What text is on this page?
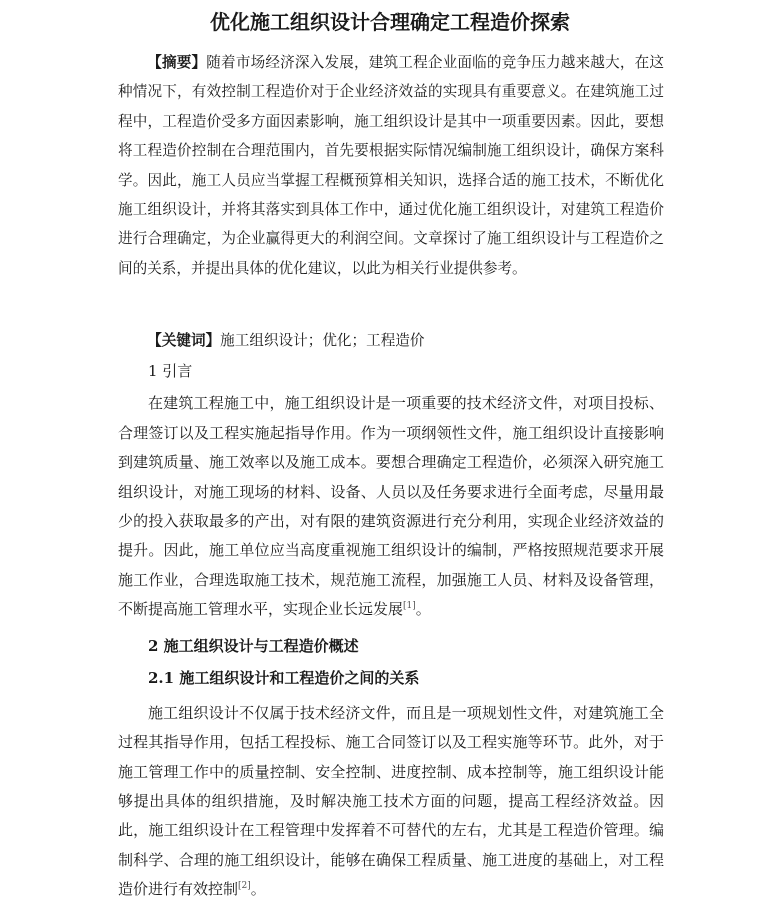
优化施工组织设计合理确定工程造价探索

【摘要】随着市场经济深入发展，建筑工程企业面临的竞争压力越来越大，在这种情况下，有效控制工程造价对于企业经济效益的实现具有重要意义。在建筑施工过程中，工程造价受多方面因素影响，施工组织设计是其中一项重要因素。因此，要想将工程造价控制在合理范围内，首先要根据实际情况编制施工组织设计，确保方案科学。因此，施工人员应当掌握工程概预算相关知识，选择合适的施工技术，不断优化施工组织设计，并将其落实到具体工作中，通过优化施工组织设计，对建筑工程造价进行合理确定，为企业赢得更大的利润空间。文章探讨了施工组织设计与工程造价之间的关系，并提出具体的优化建议，以此为相关行业提供参考。

【关键词】施工组织设计；优化；工程造价

1 引言

在建筑工程施工中，施工组织设计是一项重要的技术经济文件，对项目投标、合理签订以及工程实施起指导作用。作为一项纲领性文件，施工组织设计直接影响到建筑质量、施工效率以及施工成本。要想合理确定工程造价，必须深入研究施工组织设计，对施工现场的材料、设备、人员以及任务要求进行全面考虑，尽量用最少的投入获取最多的产出，对有限的建筑资源进行充分利用，实现企业经济效益的提升。因此，施工单位应当高度重视施工组织设计的编制，严格按照规范要求开展施工作业，合理选取施工技术，规范施工流程，加强施工人员、材料及设备管理，不断提高施工管理水平，实现企业长远发展[1]。

2 施工组织设计与工程造价概述

2.1 施工组织设计和工程造价之间的关系

施工组织设计不仅属于技术经济文件，而且是一项规划性文件，对建筑施工全过程其指导作用，包括工程投标、施工合同签订以及工程实施等环节。此外，对于施工管理工作中的质量控制、安全控制、进度控制、成本控制等，施工组织设计能够提出具体的组织措施，及时解决施工技术方面的问题，提高工程经济效益。因此，施工组织设计在工程管理中发挥着不可替代的左右，尤其是工程造价管理。编制科学、合理的施工组织设计，能够在确保工程质量、施工进度的基础上，对工程造价进行有效控制[2]。
